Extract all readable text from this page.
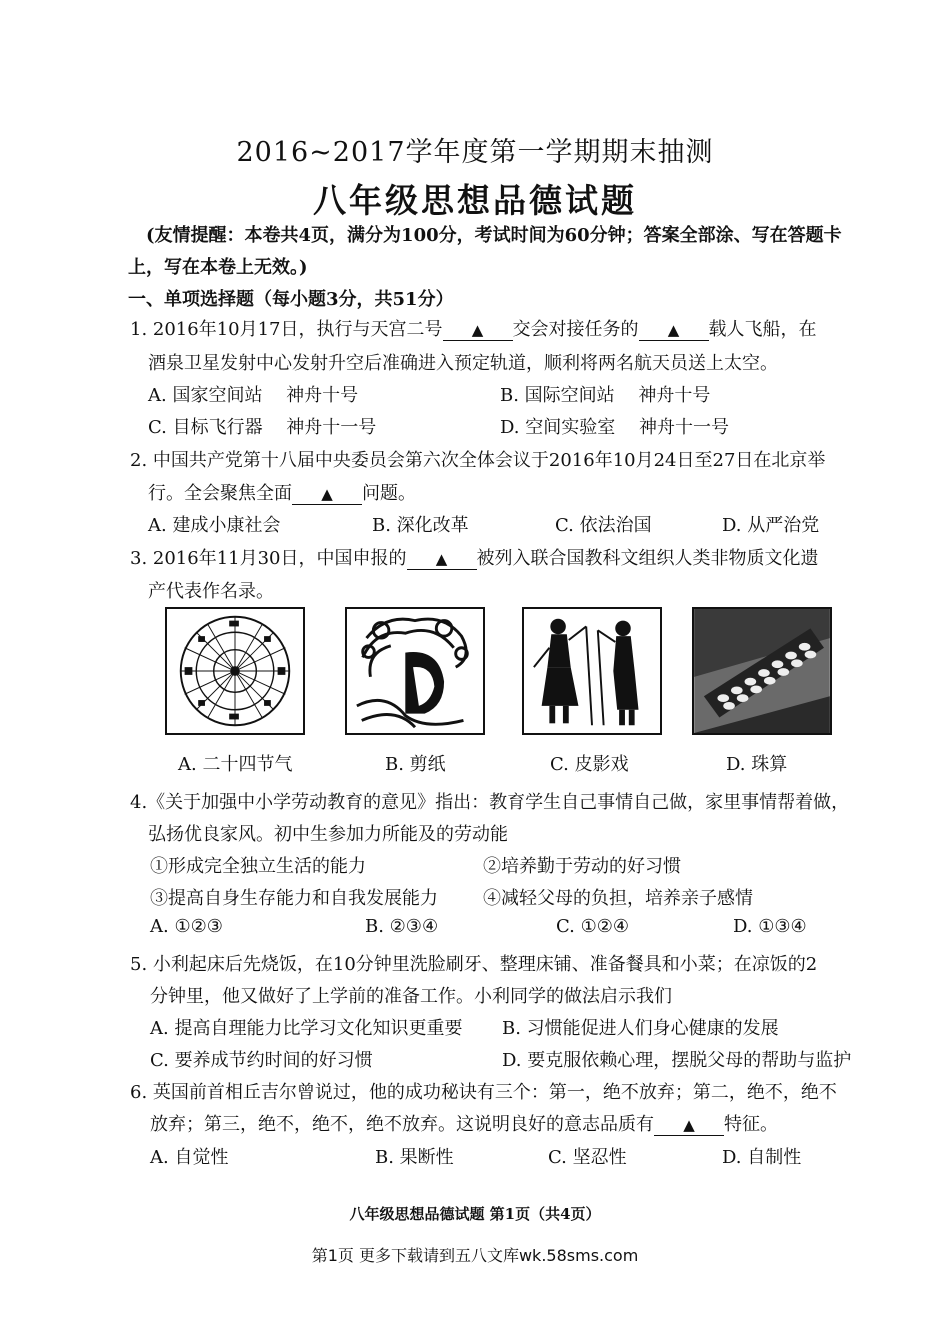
2016~2017学年度第一学期期末抽测
八年级思想品德试题
(友情提醒：本卷共4页，满分为100分，考试时间为60分钟；答案全部涂、写在答题卡上，写在本卷上无效。)
一、单项选择题（每小题3分，共51分）
1. 2016年10月17日，执行与天宫二号 ▲ 交会对接任务的 ▲ 载人飞船，在
酒泉卫星发射中心发射升空后准确进入预定轨道，顺利将两名航天员送上太空。
A. 国家空间站　 神舟十号	B. 国际空间站　 神舟十号
C. 目标飞行器　 神舟十一号	D. 空间实验室　 神舟十一号
2. 中国共产党第十八届中央委员会第六次全体会议于2016年10月24日至27日在北京举
行。全会聚焦全面 ▲ 问题。
A. 建成小康社会	B. 深化改革	C. 依法治国	D. 从严治党
3. 2016年11月30日，中国申报的 ▲ 被列入联合国教科文组织人类非物质文化遗
产代表作名录。
A. 二十四节气	B. 剪纸	C. 皮影戏	D. 珠算
4.《关于加强中小学劳动教育的意见》指出：教育学生自己事情自己做，家里事情帮着做，
弘扬优良家风。初中生参加力所能及的劳动能
①形成完全独立生活的能力	②培养勤于劳动的好习惯
③提高自身生存能力和自我发展能力	④减轻父母的负担，培养亲子感情
A. ①②③	B. ②③④	C. ①②④	D. ①③④
5. 小利起床后先烧饭，在10分钟里洗脸刷牙、整理床铺、准备餐具和小菜；在凉饭的2
分钟里，他又做好了上学前的准备工作。小利同学的做法启示我们
A. 提高自理能力比学习文化知识更重要 B. 习惯能促进人们身心健康的发展
C. 要养成节约时间的好习惯	D. 要克服依赖心理，摆脱父母的帮助与监护
6. 英国前首相丘吉尔曾说过，他的成功秘诀有三个：第一，绝不放弃；第二，绝不，绝不
放弃；第三，绝不，绝不，绝不放弃。这说明良好的意志品质有 ▲ 特征。
A. 自觉性	B. 果断性	C. 坚忍性	D. 自制性
八年级思想品德试题 第1页（共4页）
第1页 更多下载请到五八文库wk.58sms.com
